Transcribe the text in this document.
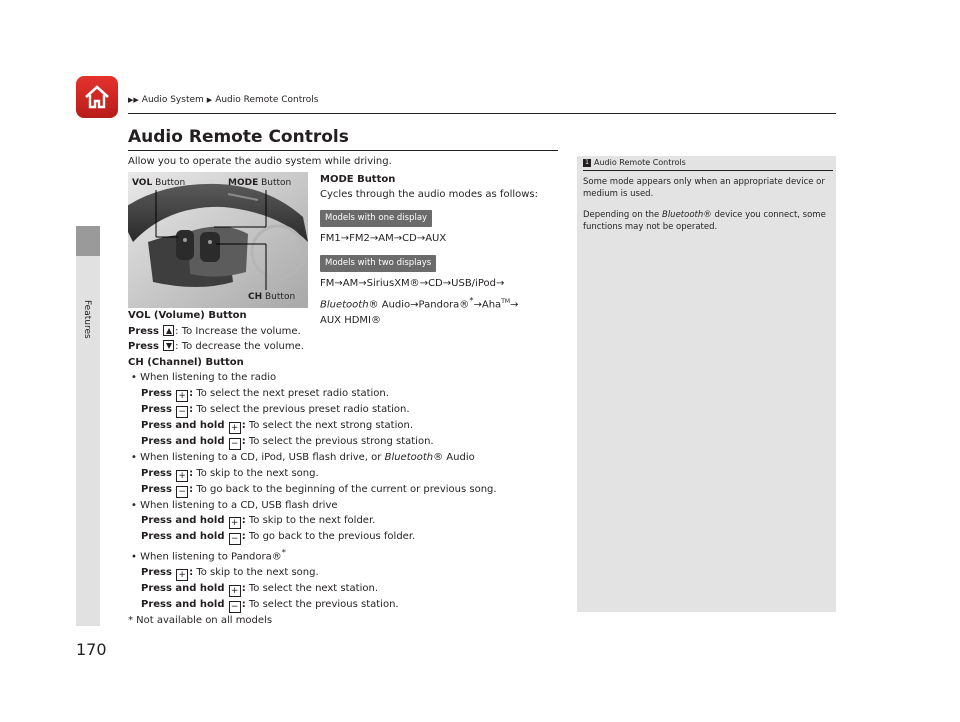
▶▶ Audio System ▶ Audio Remote Controls
Features
170
Audio Remote Controls
Allow you to operate the audio system while driving.
VOL Button	MODE Button
CH Button
MODE Button
Cycles through the audio modes as follows:
Models with one display
FM1→FM2→AM→CD→AUX
Models with two displays
FM→AM→SiriusXM®→CD→USB/iPod→
Bluetooth® Audio→Pandora®*→Aha™→
AUX HDMI®
VOL (Volume) Button
Press : To Increase the volume.
Press : To decrease the volume.
CH (Channel) Button
• When listening to the radio
Press + : To select the next preset radio station.
Press − : To select the previous preset radio station.
Press and hold + : To select the next strong station.
Press and hold − : To select the previous strong station.
• When listening to a CD, iPod, USB flash drive, or Bluetooth® Audio
Press + : To skip to the next song.
Press − : To go back to the beginning of the current or previous song.
• When listening to a CD, USB flash drive
Press and hold + : To skip to the next folder.
Press and hold − : To go back to the previous folder.
• When listening to Pandora®*
Press + : To skip to the next song.
Press and hold + : To select the next station.
Press and hold − : To select the previous station.
1 Audio Remote Controls

Some mode appears only when an appropriate device or medium is used.

Depending on the Bluetooth® device you connect, some functions may not be operated.

* Not available on all models
